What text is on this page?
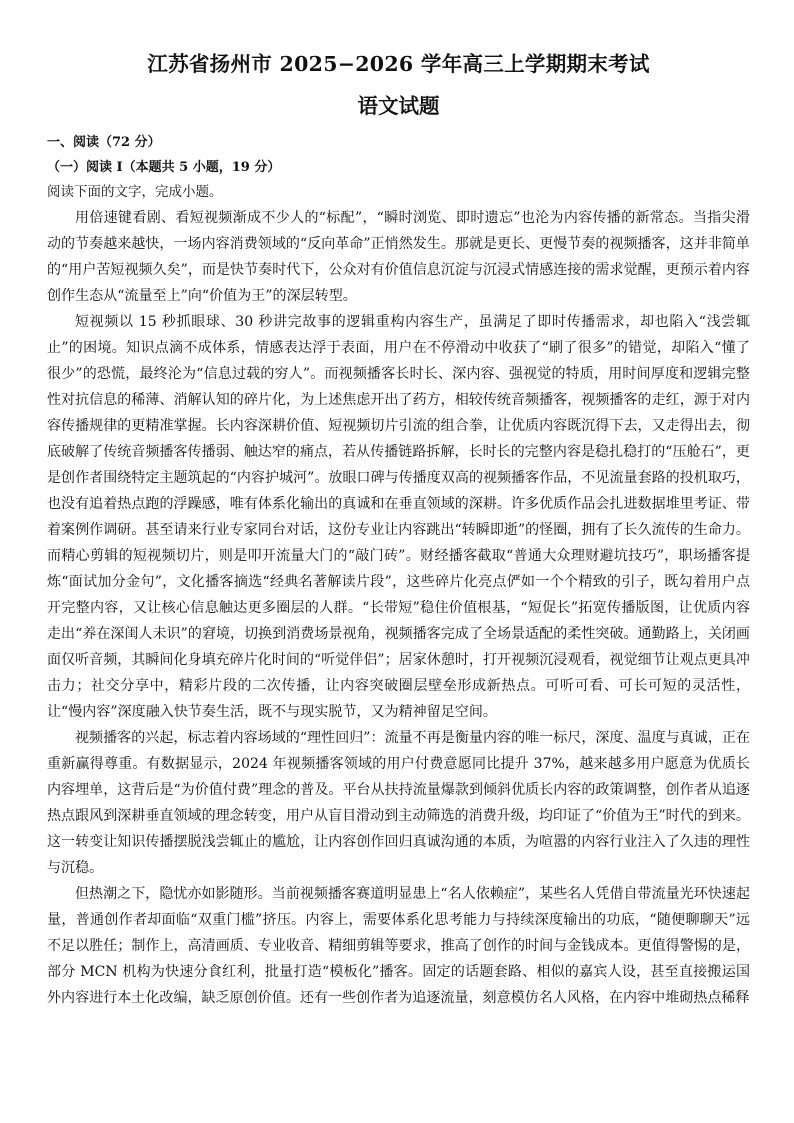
江苏省扬州市 2025−2026 学年高三上学期期末考试
语文试题
一、阅读（72 分）
（一）阅读 I（本题共 5 小题，19 分）

阅读下面的文字，完成小题。

用倍速键看剧、看短视频渐成不少人的“标配”，“瞬时浏览、即时遗忘”也沦为内容传播的新常态。当指尖滑动的节奏越来越快，一场内容消费领域的“反向革命”正悄然发生。那就是更长、更慢节奏的视频播客，这并非简单的“用户苦短视频久矣”，而是快节奏时代下，公众对有价值信息沉淀与沉浸式情感连接的需求觉醒，更预示着内容创作生态从“流量至上”向“价值为王”的深层转型。

短视频以 15 秒抓眼球、30 秒讲完故事的逻辑重构内容生产，虽满足了即时传播需求，却也陷入“浅尝辄止”的困境。知识点滴不成体系，情感表达浮于表面，用户在不停滑动中收获了“刷了很多”的错觉，却陷入“懂了很少”的恐慌，最终沦为“信息过载的穷人”。而视频播客长时长、深内容、强视觉的特质，用时间厚度和逻辑完整性对抗信息的稀薄、消解认知的碎片化，为上述焦虑开出了药方，相较传统音频播客，视频播客的走红，源于对内容传播规律的更精准掌握。长内容深耕价值、短视频切片引流的组合拳，让优质内容既沉得下去，又走得出去，彻底破解了传统音频播客传播弱、触达窄的痛点，若从传播链路拆解，长时长的完整内容是稳扎稳打的“压舱石”，更是创作者围绕特定主题筑起的“内容护城河”。放眼口碑与传播度双高的视频播客作品，不见流量套路的投机取巧，也没有追着热点跑的浮躁感，唯有体系化输出的真诚和在垂直领域的深耕。许多优质作品会扎进数据堆里考证、带着案例作调研。甚至请来行业专家同台对话，这份专业让内容跳出“转瞬即逝”的怪圈，拥有了长久流传的生命力。而精心剪辑的短视频切片，则是叩开流量大门的“敲门砖”。财经播客截取“普通大众理财避坑技巧”，职场播客提炼“面试加分金句”，文化播客摘选“经典名著解读片段”，这些碎片化亮点俨如一个个精致的引子，既勾着用户点开完整内容，又让核心信息触达更多圈层的人群。“长带短”稳住价值根基，“短促长”拓宽传播版图，让优质内容走出“养在深闺人未识”的窘境，切换到消费场景视角，视频播客完成了全场景适配的柔性突破。通勤路上，关闭画面仅听音频，其瞬间化身填充碎片化时间的“听觉伴侣”；居家休憩时，打开视频沉浸观看，视觉细节让观点更具冲击力；社交分享中，精彩片段的二次传播，让内容突破圈层壁垒形成新热点。可听可看、可长可短的灵活性，让“慢内容”深度融入快节奏生活，既不与现实脱节，又为精神留足空间。

视频播客的兴起，标志着内容场域的“理性回归”：流量不再是衡量内容的唯一标尺，深度、温度与真诚，正在重新赢得尊重。有数据显示，2024 年视频播客领域的用户付费意愿同比提升 37%，越来越多用户愿意为优质长内容埋单，这背后是“为价值付费”理念的普及。平台从扶持流量爆款到倾斜优质长内容的政策调整，创作者从追逐热点跟风到深耕垂直领域的理念转变，用户从盲目滑动到主动筛选的消费升级，均印证了“价值为王”时代的到来。这一转变让知识传播摆脱浅尝辄止的尴尬，让内容创作回归真诚沟通的本质，为喧嚣的内容行业注入了久违的理性与沉稳。

但热潮之下，隐忧亦如影随形。当前视频播客赛道明显患上“名人依赖症”，某些名人凭借自带流量光环快速起量，普通创作者却面临“双重门槛”挤压。内容上，需要体系化思考能力与持续深度输出的功底，“随便聊聊天”远不足以胜任；制作上，高清画质、专业收音、精细剪辑等要求，推高了创作的时间与金钱成本。更值得警惕的是，部分 MCN 机构为快速分食红利，批量打造“模板化”播客。固定的话题套路、相似的嘉宾人设，甚至直接搬运国外内容进行本土化改编，缺乏原创价值。还有一些创作者为追逐流量，刻意模仿名人风格，在内容中堆砌热点稀释
